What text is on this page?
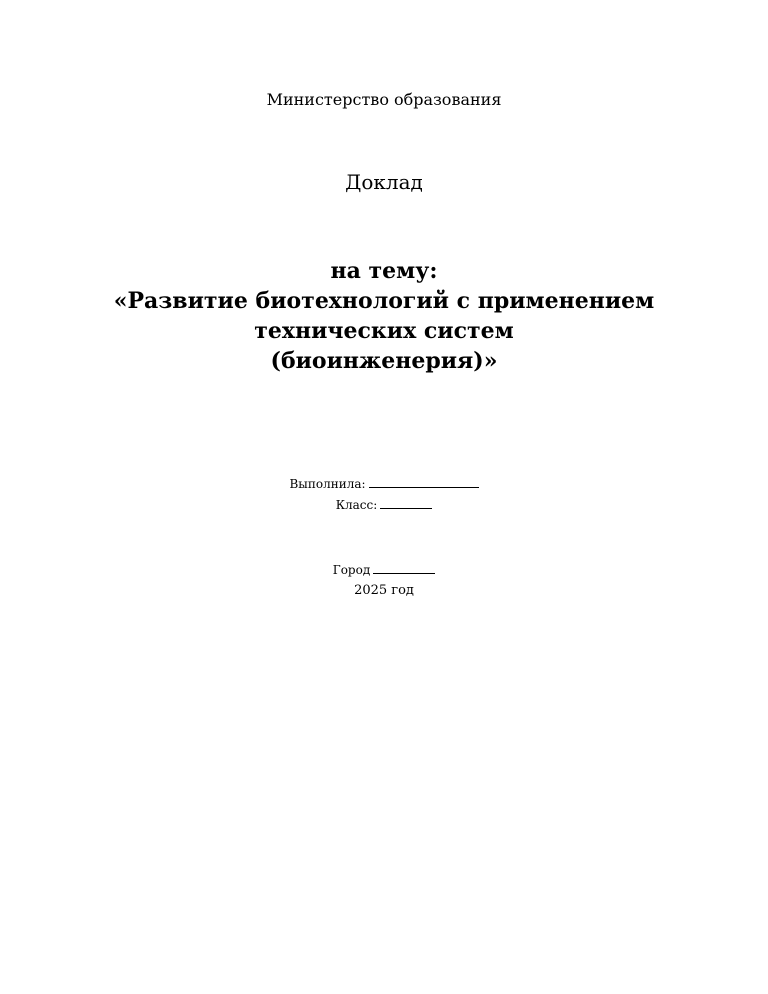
Министерство образования
Доклад
на тему:
«Развитие биотехнологий с применением
технических систем
(биоинженерия)»
Выполнила:
Класс:
Город
2025 год
